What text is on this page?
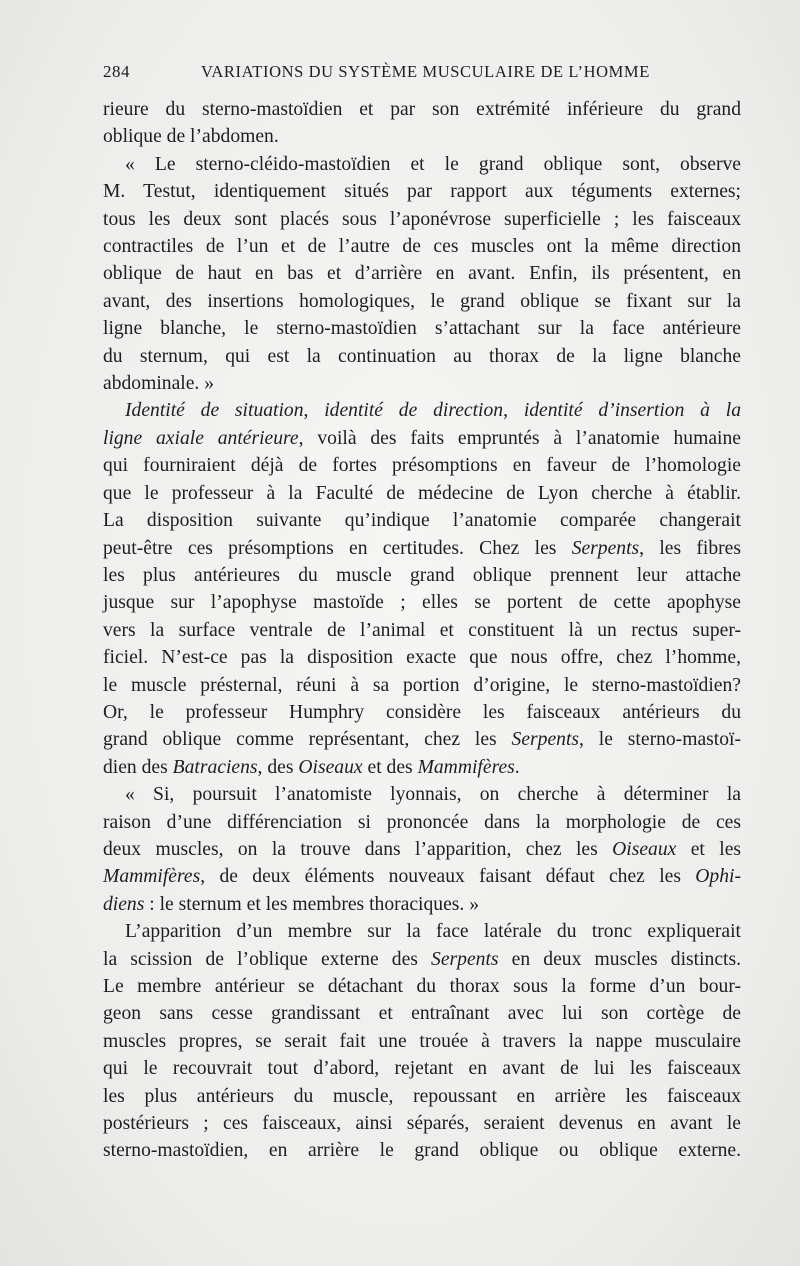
284	VARIATIONS DU SYSTÈME MUSCULAIRE DE L’HOMME
rieure du sterno-mastoïdien et par son extrémité inférieure du grand
oblique de l’abdomen.
« Le sterno-cléido-mastoïdien et le grand oblique sont, observe
M. Testut, identiquement situés par rapport aux téguments externes;
tous les deux sont placés sous l’aponévrose superficielle ; les faisceaux
contractiles de l’un et de l’autre de ces muscles ont la même direction
oblique de haut en bas et d’arrière en avant. Enfin, ils présentent, en
avant, des insertions homologiques, le grand oblique se fixant sur la
ligne blanche, le sterno-mastoïdien s’attachant sur la face antérieure
du sternum, qui est la continuation au thorax de la ligne blanche
abdominale. »
Identité de situation, identité de direction, identité d’insertion à la
ligne axiale antérieure, voilà des faits empruntés à l’anatomie humaine
qui fourniraient déjà de fortes présomptions en faveur de l’homologie
que le professeur à la Faculté de médecine de Lyon cherche à établir.
La disposition suivante qu’indique l’anatomie comparée changerait
peut-être ces présomptions en certitudes. Chez les Serpents, les fibres
les plus antérieures du muscle grand oblique prennent leur attache
jusque sur l’apophyse mastoïde ; elles se portent de cette apophyse
vers la surface ventrale de l’animal et constituent là un rectus super-
ficiel. N’est-ce pas la disposition exacte que nous offre, chez l’homme,
le muscle présternal, réuni à sa portion d’origine, le sterno-mastoïdien?
Or, le professeur Humphry considère les faisceaux antérieurs du
grand oblique comme représentant, chez les Serpents, le sterno-mastoï-
dien des Batraciens, des Oiseaux et des Mammifères.
« Si, poursuit l’anatomiste lyonnais, on cherche à déterminer la
raison d’une différenciation si prononcée dans la morphologie de ces
deux muscles, on la trouve dans l’apparition, chez les Oiseaux et les
Mammifères, de deux éléments nouveaux faisant défaut chez les Ophi-
diens : le sternum et les membres thoraciques. »
L’apparition d’un membre sur la face latérale du tronc expliquerait
la scission de l’oblique externe des Serpents en deux muscles distincts.
Le membre antérieur se détachant du thorax sous la forme d’un bour-
geon sans cesse grandissant et entraînant avec lui son cortège de
muscles propres, se serait fait une trouée à travers la nappe musculaire
qui le recouvrait tout d’abord, rejetant en avant de lui les faisceaux
les plus antérieurs du muscle, repoussant en arrière les faisceaux
postérieurs ; ces faisceaux, ainsi séparés, seraient devenus en avant le
sterno-mastoïdien, en arrière le grand oblique ou oblique externe.
